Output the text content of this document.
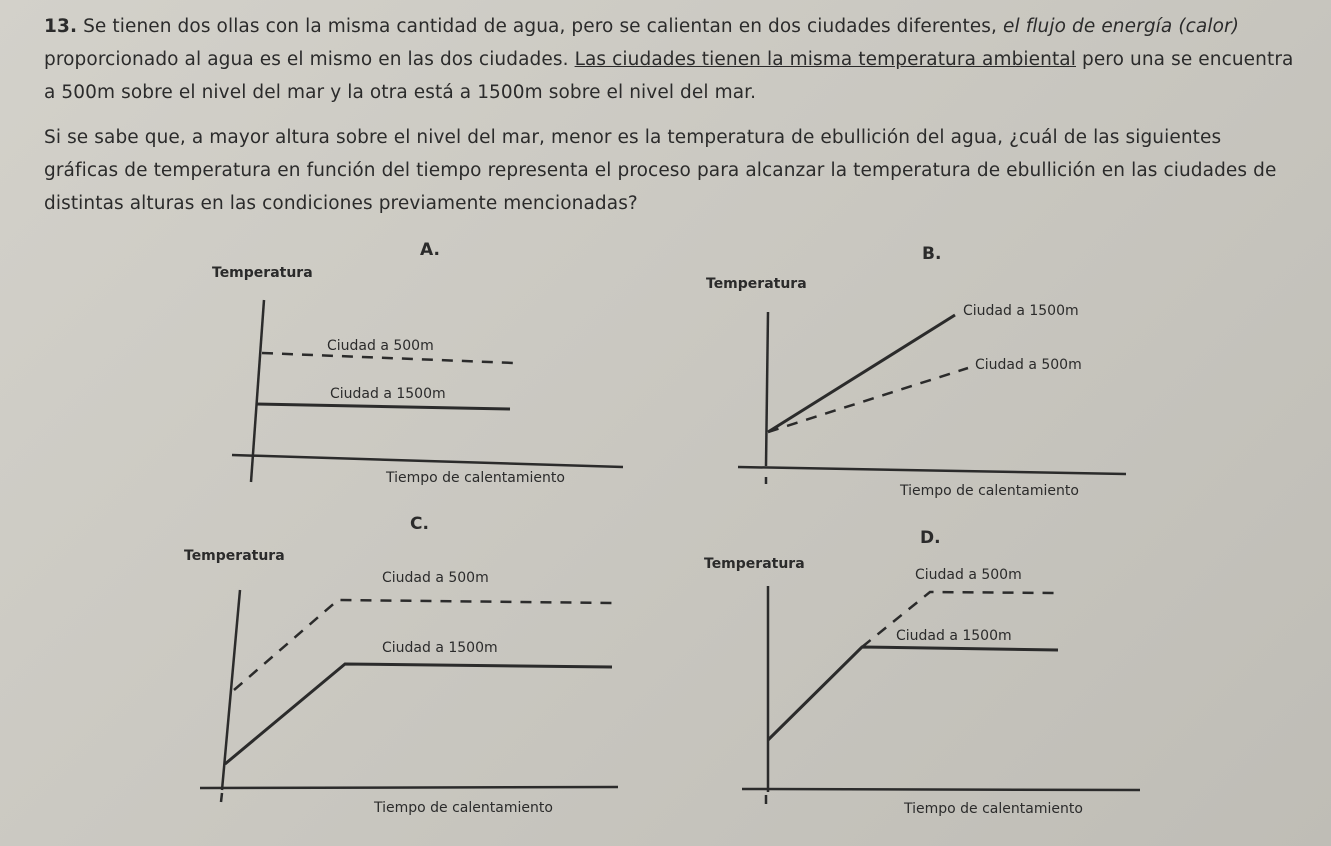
13. Se tienen dos ollas con la misma cantidad de agua, pero se calientan en dos ciudades diferentes, el flujo de energía (calor) proporcionado al agua es el mismo en las dos ciudades. Las ciudades tienen la misma temperatura ambiental pero una se encuentra a 500m sobre el nivel del mar y la otra está a 1500m sobre el nivel del mar.

Si se sabe que, a mayor altura sobre el nivel del mar, menor es la temperatura de ebullición del agua, ¿cuál de las siguientes gráficas de temperatura en función del tiempo representa el proceso para alcanzar la temperatura de ebullición en las ciudades de distintas alturas en las condiciones previamente mencionadas?

A.
Temperatura
Ciudad a 500m
Ciudad a 1500m
Tiempo de calentamiento
B.
Temperatura
Ciudad a 1500m
Ciudad a 500m
Tiempo de calentamiento
C.
Temperatura
Ciudad a 500m
Ciudad a 1500m
Tiempo de calentamiento
D.
Temperatura
Ciudad a 500m
Ciudad a 1500m
Tiempo de calentamiento
